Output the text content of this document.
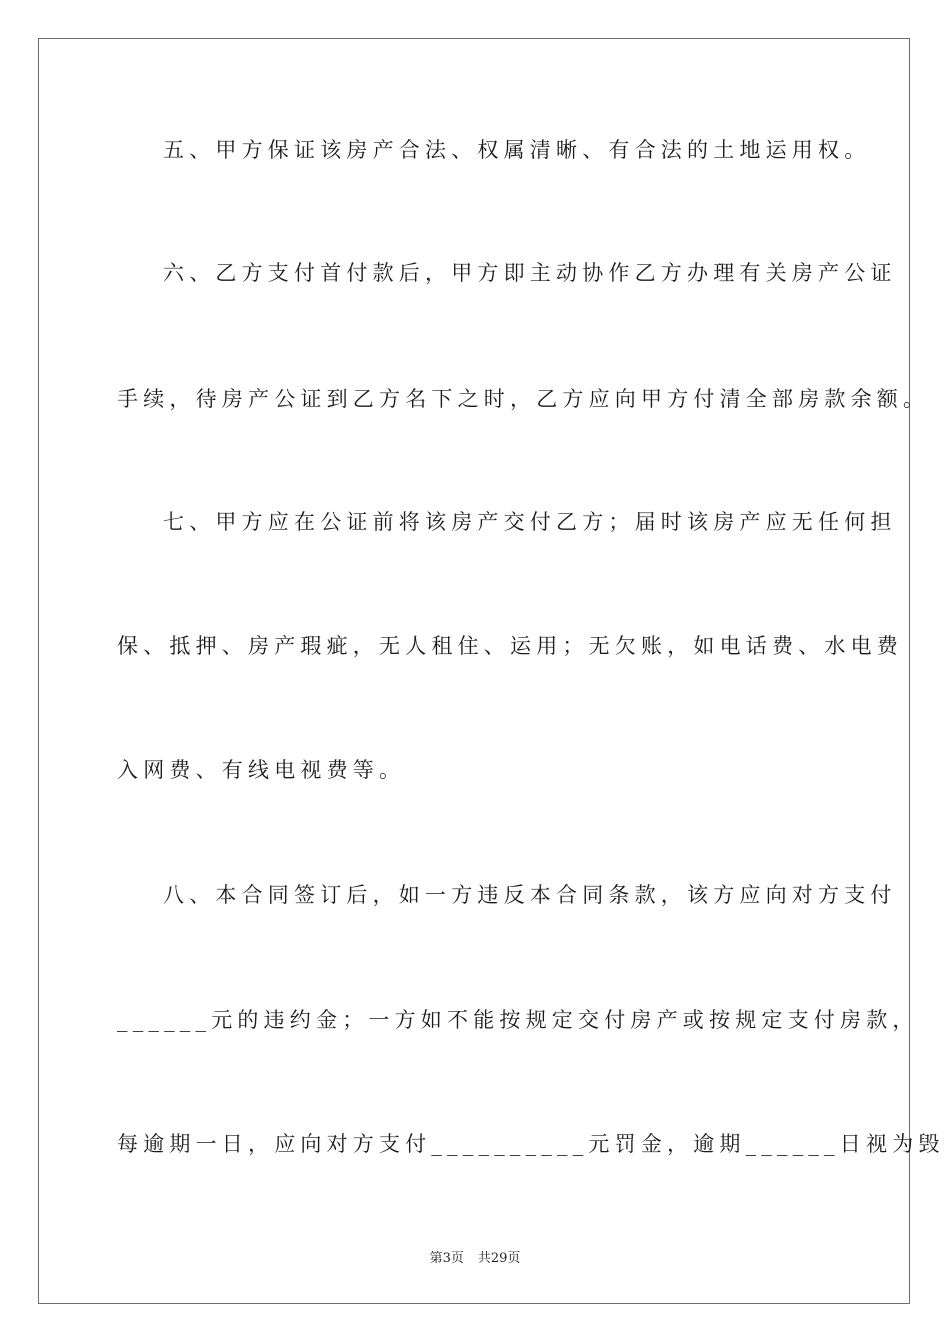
五、甲方保证该房产合法、权属清晰、有合法的土地运用权。
六、乙方支付首付款后，甲方即主动协作乙方办理有关房产公证
手续，待房产公证到乙方名下之时，乙方应向甲方付清全部房款余额。
七、甲方应在公证前将该房产交付乙方；届时该房产应无任何担
保、抵押、房产瑕疵，无人租住、运用；无欠账，如电话费、水电费
入网费、有线电视费等。
八、本合同签订后，如一方违反本合同条款，该方应向对方支付
______元的违约金；一方如不能按规定交付房产或按规定支付房款，
每逾期一日，应向对方支付__________元罚金，逾期______日视为毁
第3页 共29页
